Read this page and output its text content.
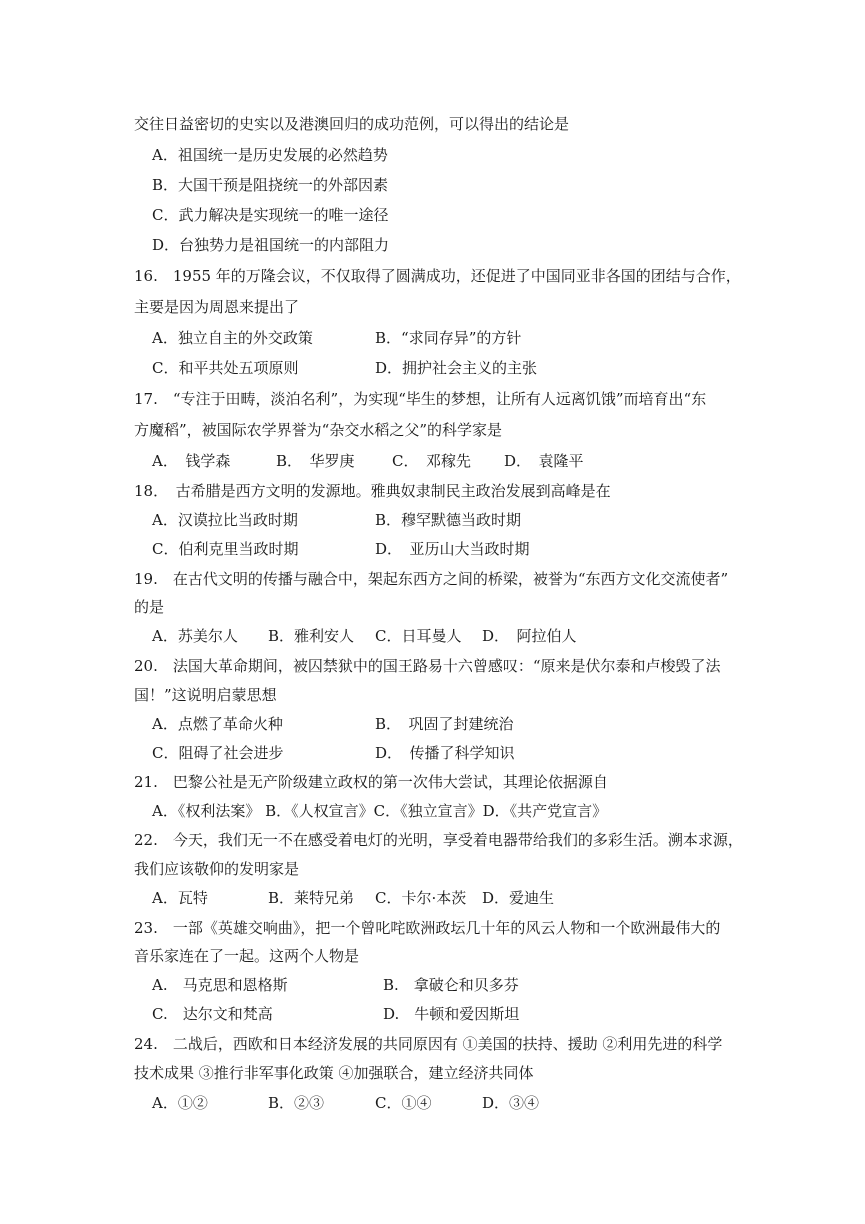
交往日益密切的史实以及港澳回归的成功范例，可以得出的结论是
A．祖国统一是历史发展的必然趋势
B．大国干预是阻挠统一的外部因素
C．武力解决是实现统一的唯一途径
D．台独势力是祖国统一的内部阻力
16.　1955 年的万隆会议，不仅取得了圆满成功，还促进了中国同亚非各国的团结与合作，
主要是因为周恩来提出了
A．独立自主的外交政策	B．“求同存异”的方针
C．和平共处五项原则	D．拥护社会主义的主张
17.　“专注于田畴，淡泊名利”，为实现“毕生的梦想，让所有人远离饥饿”而培育出“东
方魔稻”，被国际农学界誉为“杂交水稻之父”的科学家是
A．　钱学森	B．　华罗庚 C．　邓稼先 D．　袁隆平
18．　古希腊是西方文明的发源地。雅典奴隶制民主政治发展到高峰是在
A．汉谟拉比当政时期	B．穆罕默德当政时期
C．伯利克里当政时期	D．　亚历山大当政时期
19.　在古代文明的传播与融合中，架起东西方之间的桥梁，被誉为“东西方文化交流使者”
的是
A．苏美尔人 B．雅利安人 C．日耳曼人 D．　阿拉伯人
20.　法国大革命期间，被囚禁狱中的国王路易十六曾感叹：“原来是伏尔泰和卢梭毁了法
国！”这说明启蒙思想
A．点燃了革命火种	B．　巩固了封建统治
C．阻碍了社会进步	D．　传播了科学知识
21.　巴黎公社是无产阶级建立政权的第一次伟大尝试，其理论依据源自
A．《权利法案》 B．《人权宣言》C．《独立宣言》D．《共产党宣言》
22.　今天，我们无一不在感受着电灯的光明，享受着电器带给我们的多彩生活。溯本求源，
我们应该敬仰的发明家是
A．瓦特	B．莱特兄弟 C．卡尔·本茨 D．爱迪生
23.　一部《英雄交响曲》，把一个曾叱咤欧洲政坛几十年的风云人物和一个欧洲最伟大的
音乐家连在了一起。这两个人物是
A.　马克思和恩格斯	B.　拿破仑和贝多芬
C.　达尔文和梵高	D.　牛顿和爱因斯坦
24.　二战后，西欧和日本经济发展的共同原因有 ①美国的扶持、援助 ②利用先进的科学
技术成果 ③推行非军事化政策 ④加强联合，建立经济共同体
A．①②	B．②③	C．①④	D．③④
